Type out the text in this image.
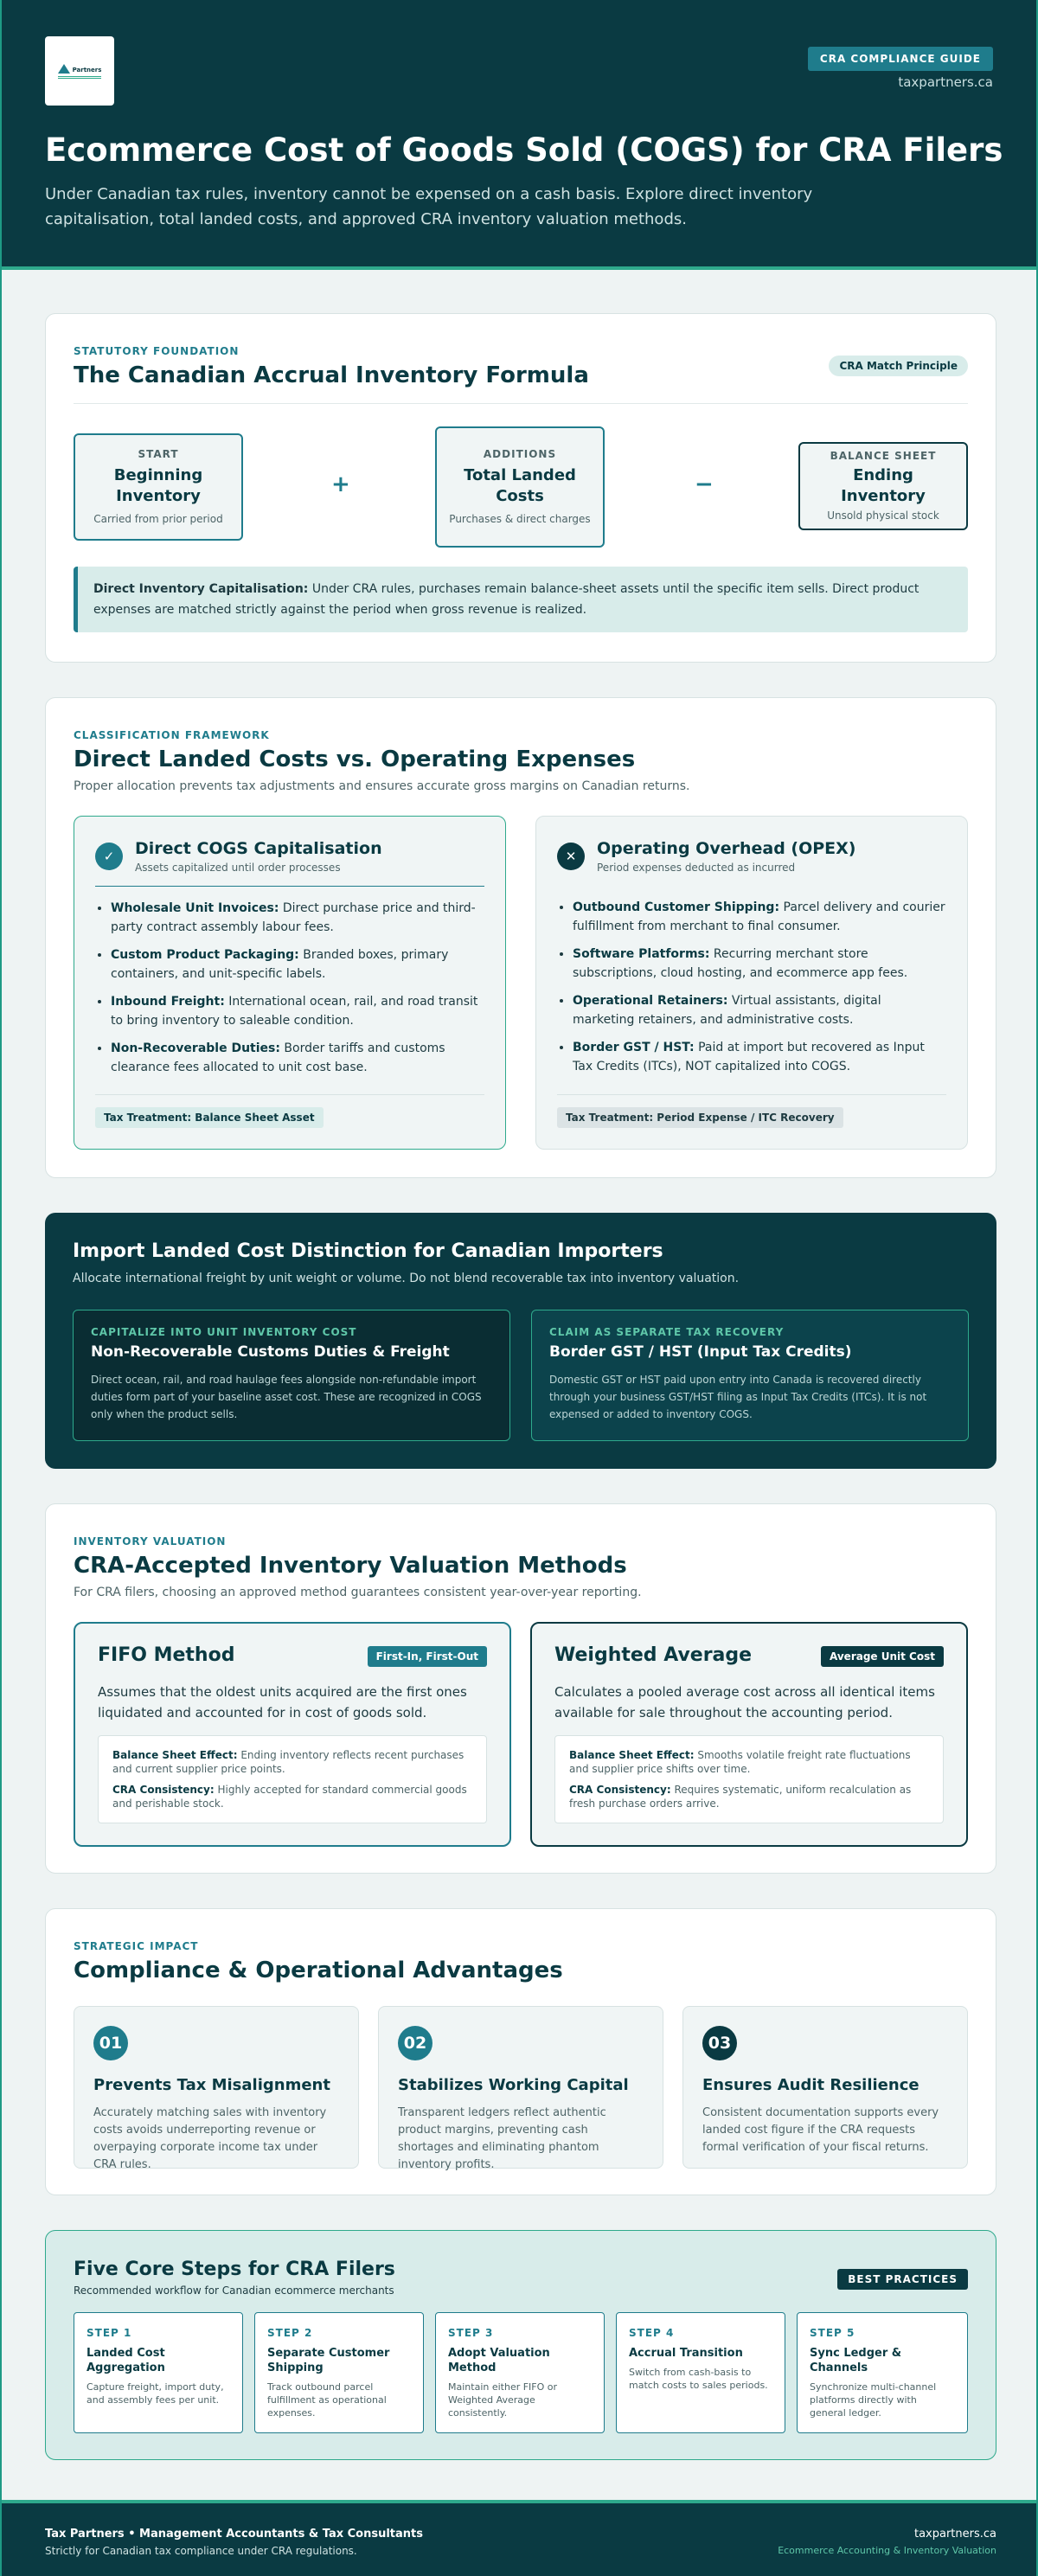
Partners
CRA COMPLIANCE GUIDE
taxpartners.ca
Ecommerce Cost of Goods Sold (COGS) for CRA Filers

Under Canadian tax rules, inventory cannot be expensed on a cash basis. Explore direct inventory capitalisation, total landed costs, and approved CRA inventory valuation methods.

STATUTORY FOUNDATION
The Canadian Accrual Inventory Formula	CRA Match Principle
START
Beginning Inventory
Carried from prior period
+
ADDITIONS
Total Landed Costs
Purchases & direct charges
−
BALANCE SHEET
Ending Inventory
Unsold physical stock
Direct Inventory Capitalisation: Under CRA rules, purchases remain balance-sheet assets until the specific item sells. Direct product expenses are matched strictly against the period when gross revenue is realized.
CLASSIFICATION FRAMEWORK
Direct Landed Costs vs. Operating Expenses
Proper allocation prevents tax adjustments and ensures accurate gross margins on Canadian returns.
✓	Direct COGS Capitalisation
Assets capitalized until order processes
• Wholesale Unit Invoices: Direct purchase price and third-party contract assembly labour fees.
• Custom Product Packaging: Branded boxes, primary containers, and unit-specific labels.
• Inbound Freight: International ocean, rail, and road transit to bring inventory to saleable condition.
• Non-Recoverable Duties: Border tariffs and customs clearance fees allocated to unit cost base.
Tax Treatment: Balance Sheet Asset
✕	Operating Overhead (OPEX)
Period expenses deducted as incurred
• Outbound Customer Shipping: Parcel delivery and courier fulfillment from merchant to final consumer.
• Software Platforms: Recurring merchant store subscriptions, cloud hosting, and ecommerce app fees.
• Operational Retainers: Virtual assistants, digital marketing retainers, and administrative costs.
• Border GST / HST: Paid at import but recovered as Input Tax Credits (ITCs), NOT capitalized into COGS.
Tax Treatment: Period Expense / ITC Recovery
Import Landed Cost Distinction for Canadian Importers
Allocate international freight by unit weight or volume. Do not blend recoverable tax into inventory valuation.
CAPITALIZE INTO UNIT INVENTORY COST
Non-Recoverable Customs Duties & Freight
Direct ocean, rail, and road haulage fees alongside non-refundable import duties form part of your baseline asset cost. These are recognized in COGS only when the product sells.
CLAIM AS SEPARATE TAX RECOVERY
Border GST / HST (Input Tax Credits)
Domestic GST or HST paid upon entry into Canada is recovered directly through your business GST/HST filing as Input Tax Credits (ITCs). It is not expensed or added to inventory COGS.
INVENTORY VALUATION
CRA-Accepted Inventory Valuation Methods
For CRA filers, choosing an approved method guarantees consistent year-over-year reporting.
FIFO Method	First-In, First-Out
Assumes that the oldest units acquired are the first ones liquidated and accounted for in cost of goods sold.
Balance Sheet Effect: Ending inventory reflects recent purchases and current supplier price points.
CRA Consistency: Highly accepted for standard commercial goods and perishable stock.
Weighted Average	Average Unit Cost
Calculates a pooled average cost across all identical items available for sale throughout the accounting period.
Balance Sheet Effect: Smooths volatile freight rate fluctuations and supplier price shifts over time.
CRA Consistency: Requires systematic, uniform recalculation as fresh purchase orders arrive.
STRATEGIC IMPACT
Compliance & Operational Advantages
01
Prevents Tax Misalignment
Accurately matching sales with inventory costs avoids underreporting revenue or overpaying corporate income tax under CRA rules.
02
Stabilizes Working Capital
Transparent ledgers reflect authentic product margins, preventing cash shortages and eliminating phantom inventory profits.
03
Ensures Audit Resilience
Consistent documentation supports every landed cost figure if the CRA requests formal verification of your fiscal returns.
Five Core Steps for CRA Filers
Recommended workflow for Canadian ecommerce merchants
BEST PRACTICES
STEP 1
Landed Cost Aggregation
Capture freight, import duty, and assembly fees per unit.
STEP 2
Separate Customer Shipping
Track outbound parcel fulfillment as operational expenses.
STEP 3
Adopt Valuation Method
Maintain either FIFO or Weighted Average consistently.
STEP 4
Accrual Transition
Switch from cash-basis to match costs to sales periods.
STEP 5
Sync Ledger & Channels
Synchronize multi-channel platforms directly with general ledger.
Tax Partners • Management Accountants & Tax Consultants
Strictly for Canadian tax compliance under CRA regulations.
taxpartners.ca
Ecommerce Accounting & Inventory Valuation
